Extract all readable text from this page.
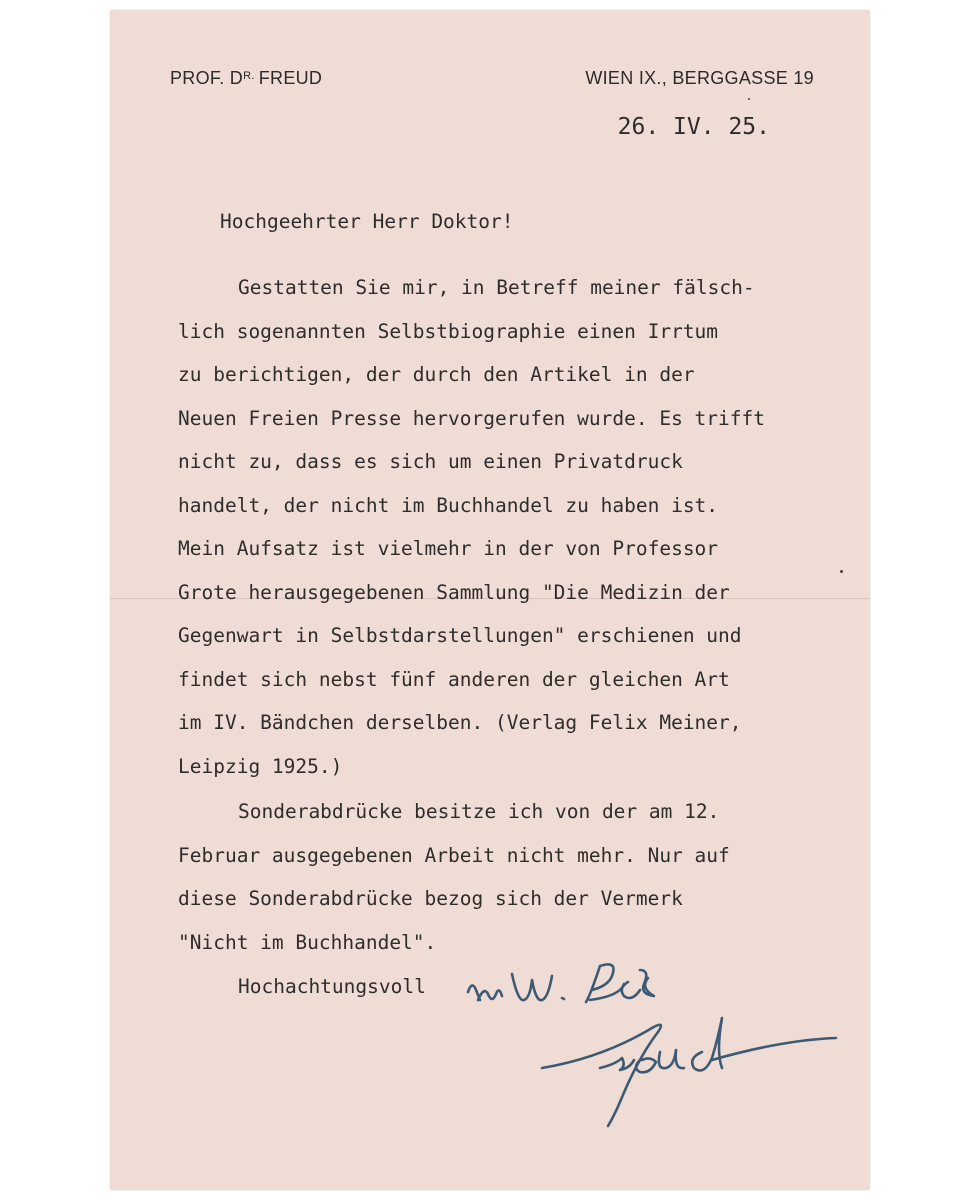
PROF. $D^{R.}$ FREUD	WIEN IX., BERGGASSE 19
26. IV. 25.
Hochgeehrter Herr Doktor!
Gestatten Sie mir, in Betreff meiner fälsch-
lich sogenannten Selbstbiographie einen Irrtum
zu berichtigen, der durch den Artikel in der
Neuen Freien Presse hervorgerufen wurde. Es trifft
nicht zu, dass es sich um einen Privatdruck
handelt, der nicht im Buchhandel zu haben ist.
Mein Aufsatz ist vielmehr in der von Professor
Grote herausgegebenen Sammlung "Die Medizin der
Gegenwart in Selbstdarstellungen" erschienen und
findet sich nebst fünf anderen der gleichen Art
im IV. Bändchen derselben. (Verlag Felix Meiner,
Leipzig 1925.)
Sonderabdrücke besitze ich von der am 12.
Februar ausgegebenen Arbeit nicht mehr. Nur auf
diese Sonderabdrücke bezog sich der Vermerk
"Nicht im Buchhandel".
Hochachtungsvoll
